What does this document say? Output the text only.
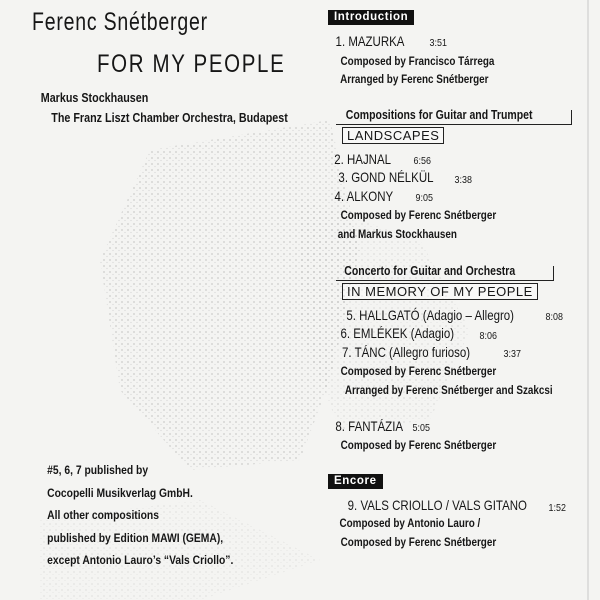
Ferenc Snétberger
FOR MY PEOPLE
Markus Stockhausen
The Franz Liszt Chamber Orchestra, Budapest
#5, 6, 7 published by
Cocopelli Musikverlag GmbH.
All other compositions
published by Edition MAWI (GEMA),
except Antonio Lauro’s “Vals Criollo”.
Introduction
1. MAZURKA 3:51
Composed by Francisco Tárrega
Arranged by Ferenc Snétberger
Compositions for Guitar and Trumpet
LANDSCAPES
2. HAJNAL 6:56
3. GOND NÉLKÜL 3:38
4. ALKONY 9:05
Composed by Ferenc Snétberger
and Markus Stockhausen
Concerto for Guitar and Orchestra
IN MEMORY OF MY PEOPLE
5. HALLGATÓ (Adagio – Allegro)	8:08
6. EMLÉKEK (Adagio) 8:06
7. TÁNC (Allegro furioso)	3:37
Composed by Ferenc Snétberger
Arranged by Ferenc Snétberger and Szakcsi
8. FANTÁZIA 5:05
Composed by Ferenc Snétberger
Encore
9. VALS CRIOLLO / VALS GITANO 1:52
Composed by Antonio Lauro /
Composed by Ferenc Snétberger
